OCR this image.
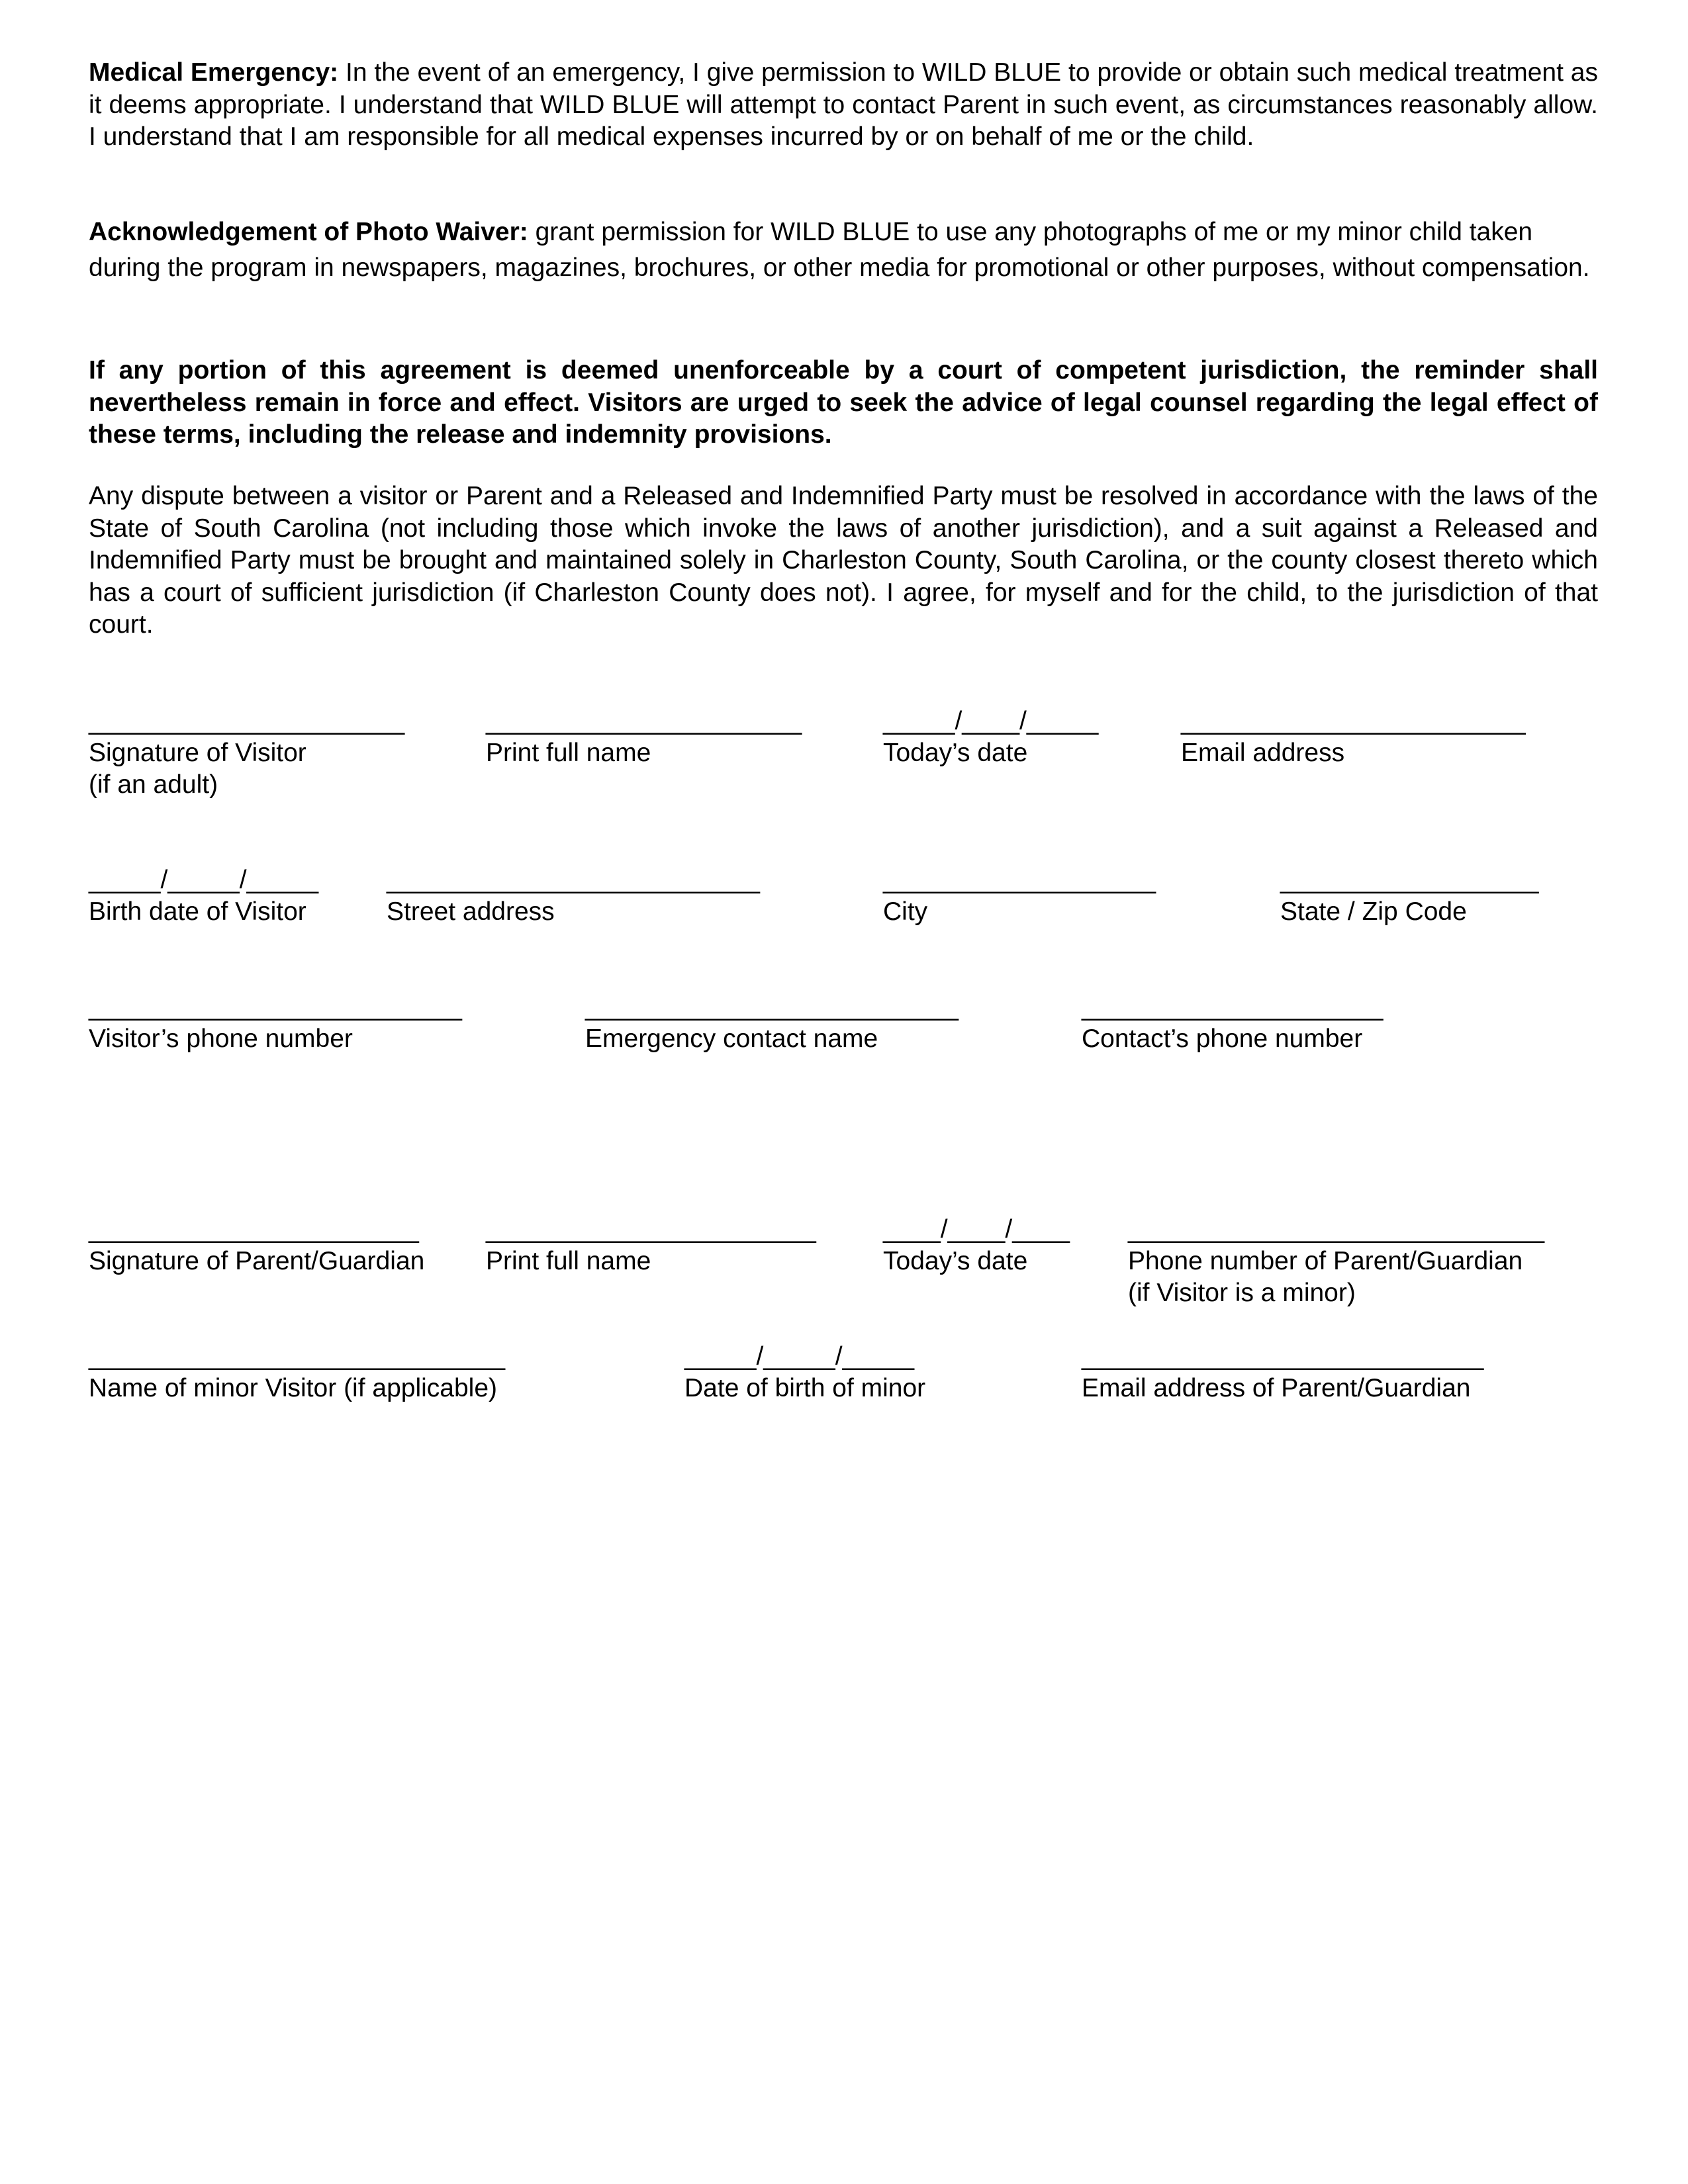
Medical Emergency: In the event of an emergency, I give permission to WILD BLUE to provide or obtain such medical treatment as it deems appropriate. I understand that WILD BLUE will attempt to contact Parent in such event, as circumstances reasonably allow. I understand that I am responsible for all medical expenses incurred by or on behalf of me or the child.

Acknowledgement of Photo Waiver: grant permission for WILD BLUE to use any photographs of me or my minor child taken during the program in newspapers, magazines, brochures, or other media for promotional or other purposes, without compensation.

If any portion of this agreement is deemed unenforceable by a court of competent jurisdiction, the reminder shall nevertheless remain in force and effect. Visitors are urged to seek the advice of legal counsel regarding the legal effect of these terms, including the release and indemnity provisions.

Any dispute between a visitor or Parent and a Released and Indemnified Party must be resolved in accordance with the laws of the State of South Carolina (not including those which invoke the laws of another jurisdiction), and a suit against a Released and Indemnified Party must be brought and maintained solely in Charleston County, South Carolina, or the county closest thereto which has a court of sufficient jurisdiction (if Charleston County does not). I agree, for myself and for the child, to the jurisdiction of that court.

______________________
Signature of Visitor
(if an adult)
______________________
Print full name
_____/____/_____
Today’s date
________________________
Email address
_____/_____/_____
Birth date of Visitor
__________________________
Street address
___________________
City
__________________
State / Zip Code
__________________________
Visitor’s phone number
__________________________
Emergency contact name
_____________________
Contact’s phone number
_______________________
Signature of Parent/Guardian
_______________________
Print full name
____/____/____
Today’s date
_____________________________
Phone number of Parent/Guardian
(if Visitor is a minor)
_____________________________
Name of minor Visitor (if applicable)
_____/_____/_____
Date of birth of minor
____________________________
Email address of Parent/Guardian
